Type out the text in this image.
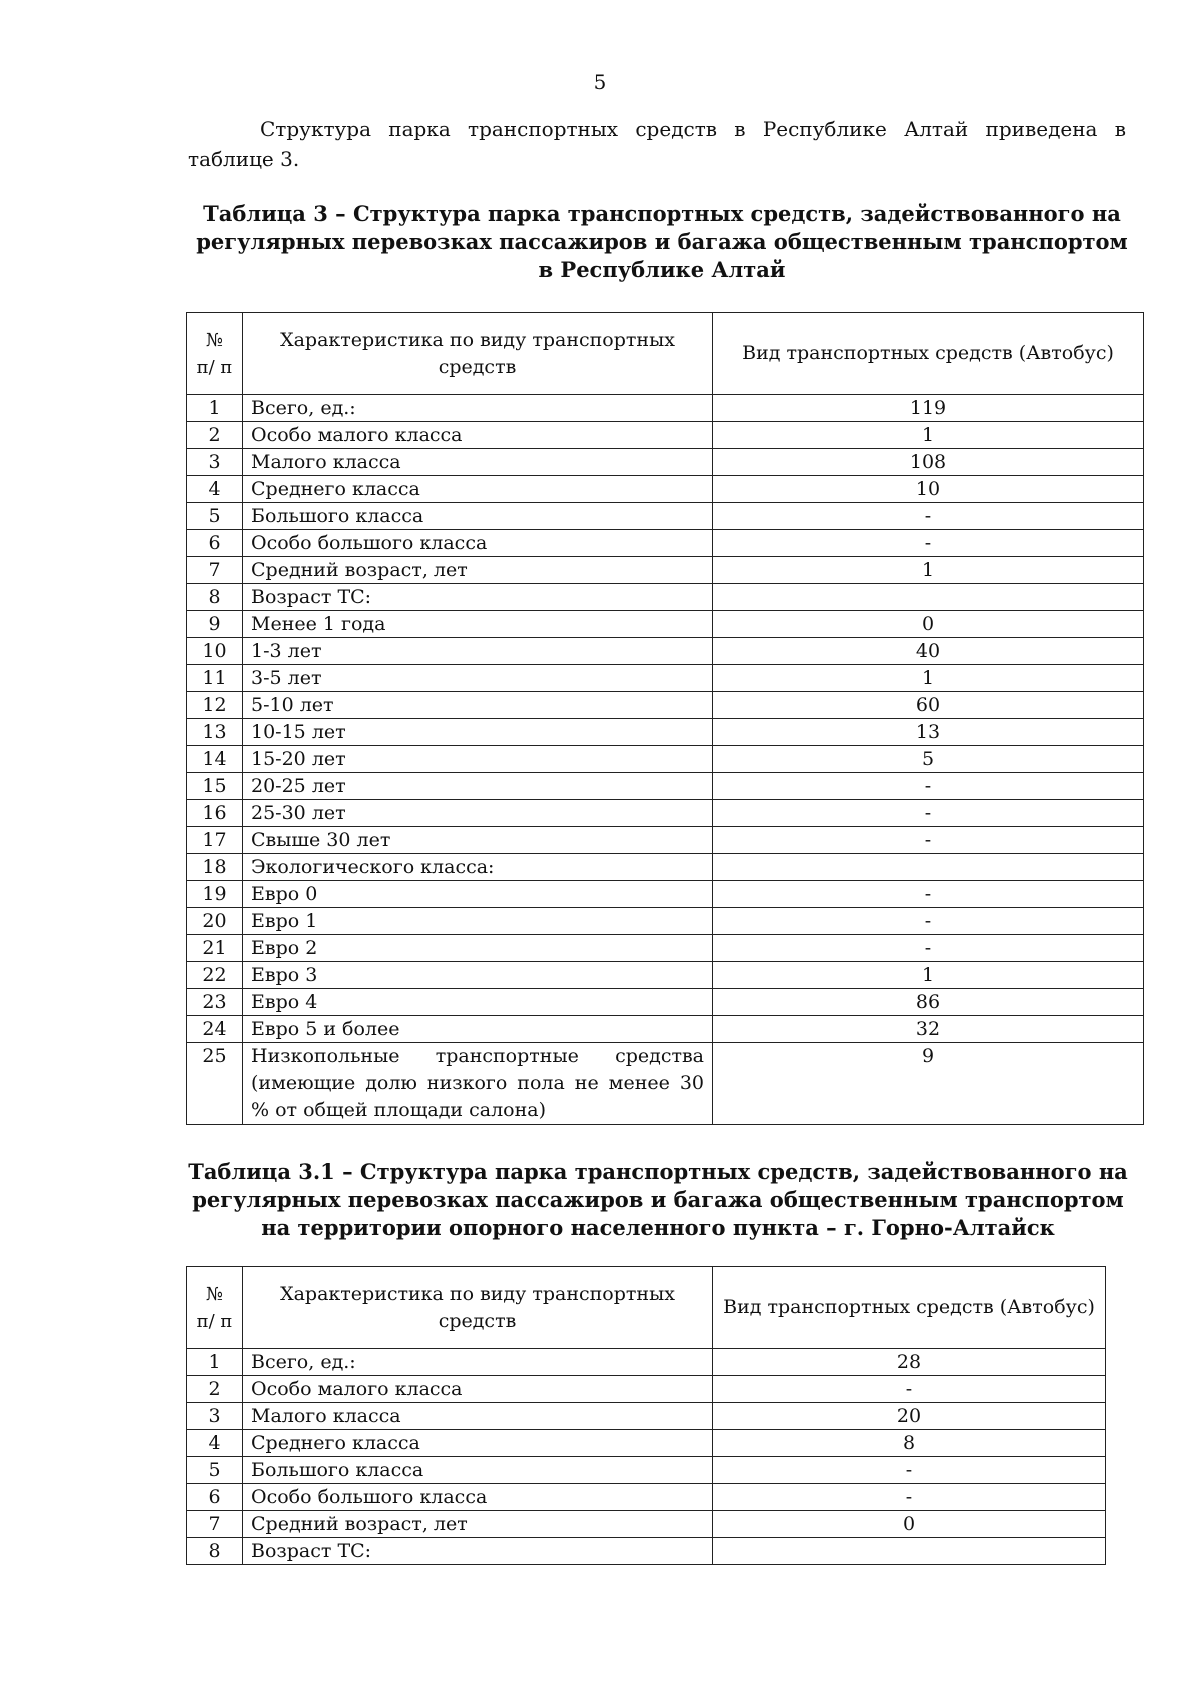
5

Структура парка транспортных средств в Республике Алтай приведена в таблице 3.

Таблица 3 – Структура парка транспортных средств, задействованного на регулярных перевозках пассажиров и багажа общественным транспортом в Республике Алтай

№ п/ п	Характеристика по виду транспортных средств	Вид транспортных средств (Автобус)
1	Всего, ед.:	119
2	Особо малого класса	1
3	Малого класса	108
4	Среднего класса	10
5	Большого класса	-
6	Особо большого класса	-
7	Средний возраст, лет	1
8	Возраст ТС:	
9	Менее 1 года	0
10	1-3 лет	40
11	3-5 лет	1
12	5-10 лет	60
13	10-15 лет	13
14	15-20 лет	5
15	20-25 лет	-
16	25-30 лет	-
17	Свыше 30 лет	-
18	Экологического класса:	
19	Евро 0	-
20	Евро 1	-
21	Евро 2	-
22	Евро 3	1
23	Евро 4	86
24	Евро 5 и более	32
25	Низкопольные транспортные средства (имеющие долю низкого пола не менее 30 % от общей площади салона)	9

Таблица 3.1 – Структура парка транспортных средств, задействованного на регулярных перевозках пассажиров и багажа общественным транспортом на территории опорного населенного пункта – г. Горно-Алтайск

№ п/ п	Характеристика по виду транспортных средств	Вид транспортных средств (Автобус)
1	Всего, ед.:	28
2	Особо малого класса	-
3	Малого класса	20
4	Среднего класса	8
5	Большого класса	-
6	Особо большого класса	-
7	Средний возраст, лет	0
8	Возраст ТС:	
